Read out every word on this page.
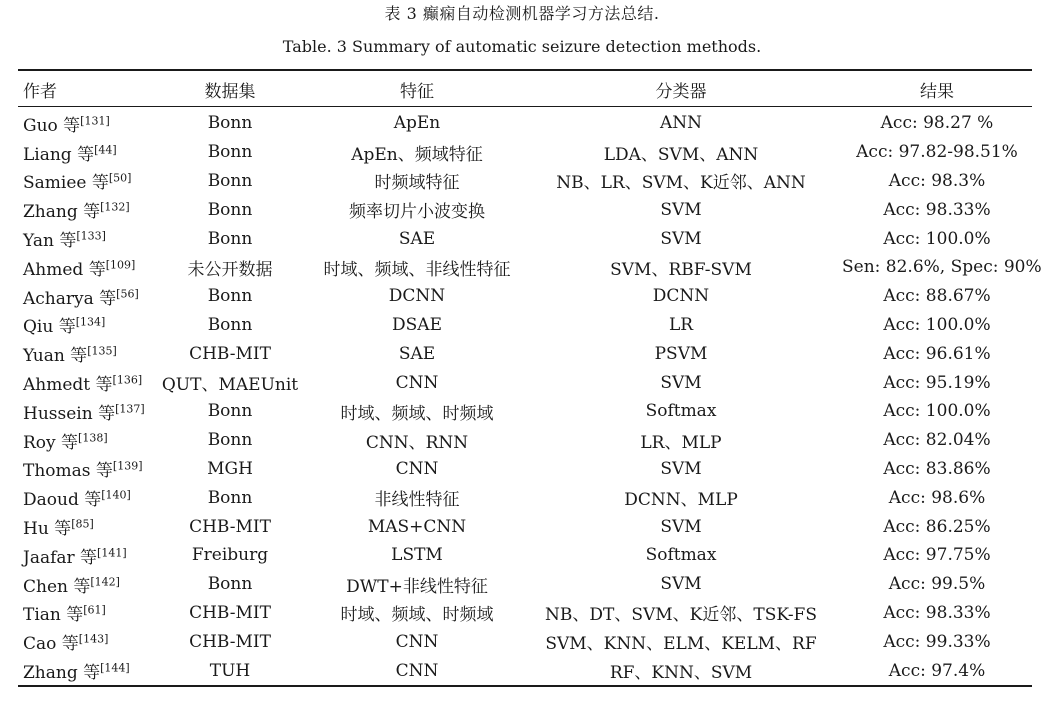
表 3 癫痫自动检测机器学习方法总结.
Table. 3 Summary of automatic seizure detection methods.
作者	数据集	特征	分类器	结果
Guo 等[131]	Bonn	ApEn	ANN	Acc: 98.27 %
Liang 等[44]	Bonn	ApEn、频域特征	LDA、SVM、ANN	Acc: 97.82-98.51%
Samiee 等[50]	Bonn	时频域特征	NB、LR、SVM、K近邻、ANN	Acc: 98.3%
Zhang 等[132]	Bonn	频率切片小波变换	SVM	Acc: 98.33%
Yan 等[133]	Bonn	SAE	SVM	Acc: 100.0%
Ahmed 等[109]	未公开数据	时域、频域、非线性特征	SVM、RBF-SVM	Sen: 82.6%, Spec: 90%
Acharya 等[56]	Bonn	DCNN	DCNN	Acc: 88.67%
Qiu 等[134]	Bonn	DSAE	LR	Acc: 100.0%
Yuan 等[135]	CHB-MIT	SAE	PSVM	Acc: 96.61%
Ahmedt 等[136]	QUT、MAEUnit	CNN	SVM	Acc: 95.19%
Hussein 等[137]	Bonn	时域、频域、时频域	Softmax	Acc: 100.0%
Roy 等[138]	Bonn	CNN、RNN	LR、MLP	Acc: 82.04%
Thomas 等[139]	MGH	CNN	SVM	Acc: 83.86%
Daoud 等[140]	Bonn	非线性特征	DCNN、MLP	Acc: 98.6%
Hu 等[85]	CHB-MIT	MAS+CNN	SVM	Acc: 86.25%
Jaafar 等[141]	Freiburg	LSTM	Softmax	Acc: 97.75%
Chen 等[142]	Bonn	DWT+非线性特征	SVM	Acc: 99.5%
Tian 等[61]	CHB-MIT	时域、频域、时频域	NB、DT、SVM、K近邻、TSK-FS	Acc: 98.33%
Cao 等[143]	CHB-MIT	CNN	SVM、KNN、ELM、KELM、RF	Acc: 99.33%
Zhang 等[144]	TUH	CNN	RF、KNN、SVM	Acc: 97.4%
